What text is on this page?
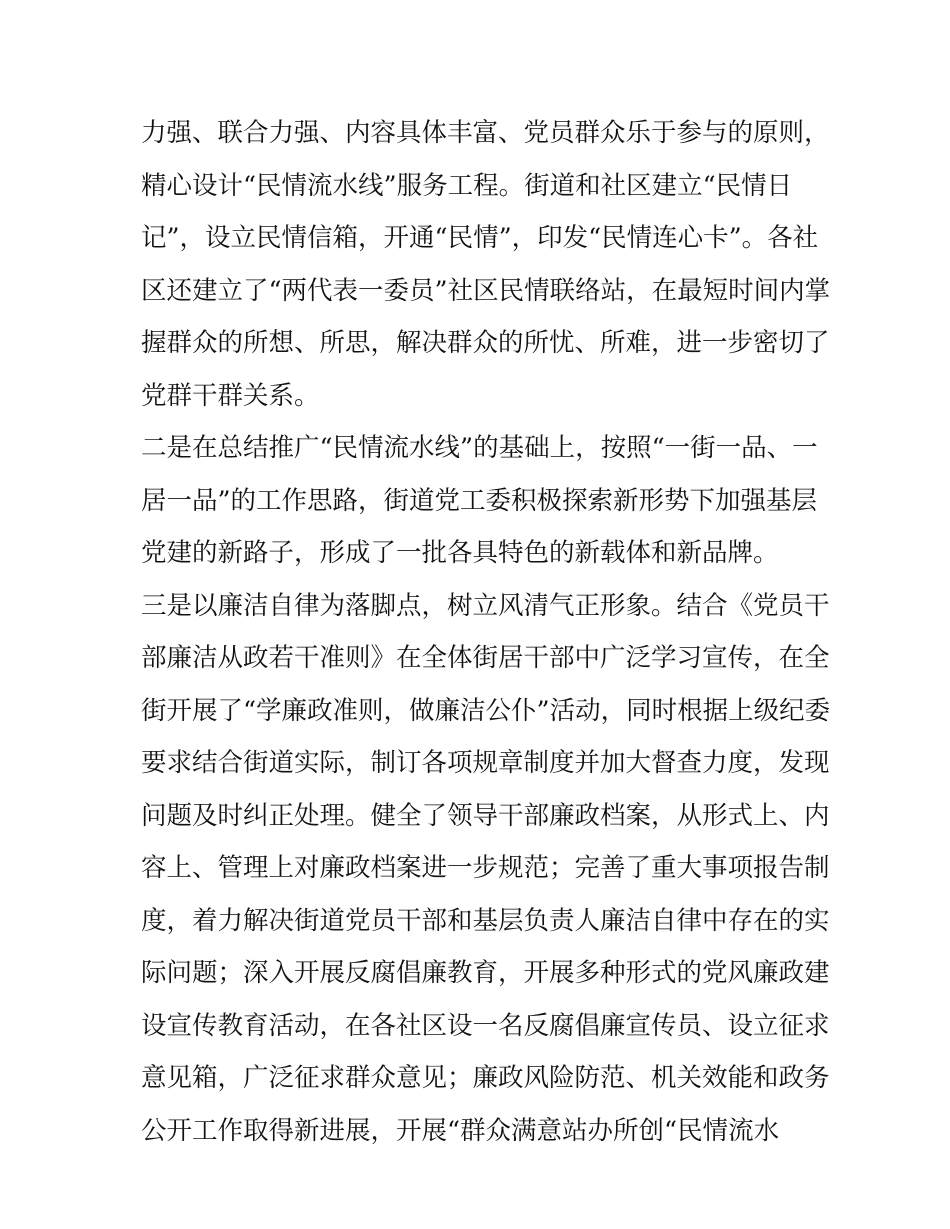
力强、联合力强、内容具体丰富、党员群众乐于参与的原则，
精心设计“民情流水线”服务工程。街道和社区建立“民情日
记”，设立民情信箱，开通“民情”，印发“民情连心卡”。各社
区还建立了“两代表一委员”社区民情联络站，在最短时间内掌
握群众的所想、所思，解决群众的所忧、所难，进一步密切了
党群干群关系。
二是在总结推广“民情流水线”的基础上，按照“一街一品、一
居一品”的工作思路，街道党工委积极探索新形势下加强基层
党建的新路子，形成了一批各具特色的新载体和新品牌。
三是以廉洁自律为落脚点，树立风清气正形象。结合《党员干
部廉洁从政若干准则》在全体街居干部中广泛学习宣传，在全
街开展了“学廉政准则，做廉洁公仆”活动，同时根据上级纪委
要求结合街道实际，制订各项规章制度并加大督查力度，发现
问题及时纠正处理。健全了领导干部廉政档案，从形式上、内
容上、管理上对廉政档案进一步规范；完善了重大事项报告制
度，着力解决街道党员干部和基层负责人廉洁自律中存在的实
际问题；深入开展反腐倡廉教育，开展多种形式的党风廉政建
设宣传教育活动，在各社区设一名反腐倡廉宣传员、设立征求
意见箱，广泛征求群众意见；廉政风险防范、机关效能和政务
公开工作取得新进展，开展“群众满意站办所创“民情流水
